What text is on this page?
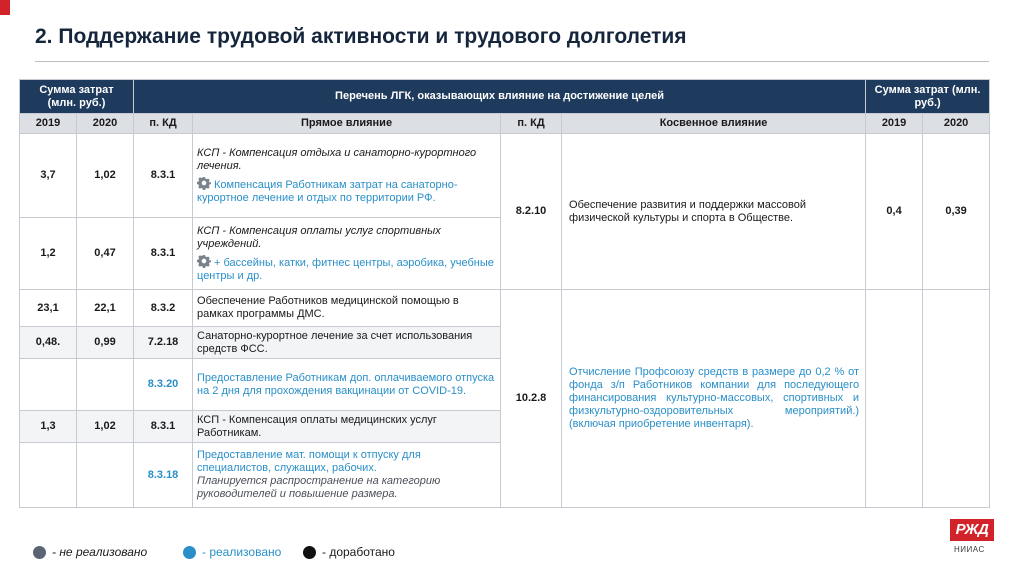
2. Поддержание трудовой активности и трудового долголетия
Сумма затрат (млн. руб.)		Перечень ЛГК, оказывающих влияние на достижение целей				Сумма затрат (млн. руб.)	
2019	2020	п. КД	Прямое влияние	п. КД	Косвенное влияние	2019	2020
3,7	1,02	8.3.1	КСП - Компенсация отдыха и санаторно-курортного лечения.
Компенсация Работникам затрат на санаторно-курортное лечение и отдых по территории РФ.	8.2.10	Обеспечение развития и поддержки массовой физической культуры и спорта в Обществе.	0,4	0,39
1,2	0,47	8.3.1	КСП - Компенсация оплаты услуг спортивных учреждений.
+ бассейны, катки, фитнес центры, аэробика, учебные центры и др.				

23,1	22,1	8.3.2	Обеспечение Работников медицинской помощью в рамках программы ДМС.	10.2.8	Отчисление Профсоюзу средств в размере до 0,2 % от фонда з/п Работников компании для последующего финансирования культурно-массовых, спортивных и физкультурно-оздоровительных мероприятий.) (включая приобретение инвентаря).		
0,48.	0,99	7.2.18	Санаторно-курортное лечение за счет использования средств ФСС.				
		8.3.20	Предоставление Работникам доп. оплачиваемого отпуска на 2 дня для прохождения вакцинации от COVID-19.				
1,3	1,02	8.3.1	КСП - Компенсация оплаты медицинских услуг Работникам.				
		8.3.18	Предоставление мат. помощи к отпуску для специалистов, служащих, рабочих.
Планируется распространение на категорию руководителей и повышение размера.				
- не реализовано	- реализовано	- доработано
РЖД
НИИАС
